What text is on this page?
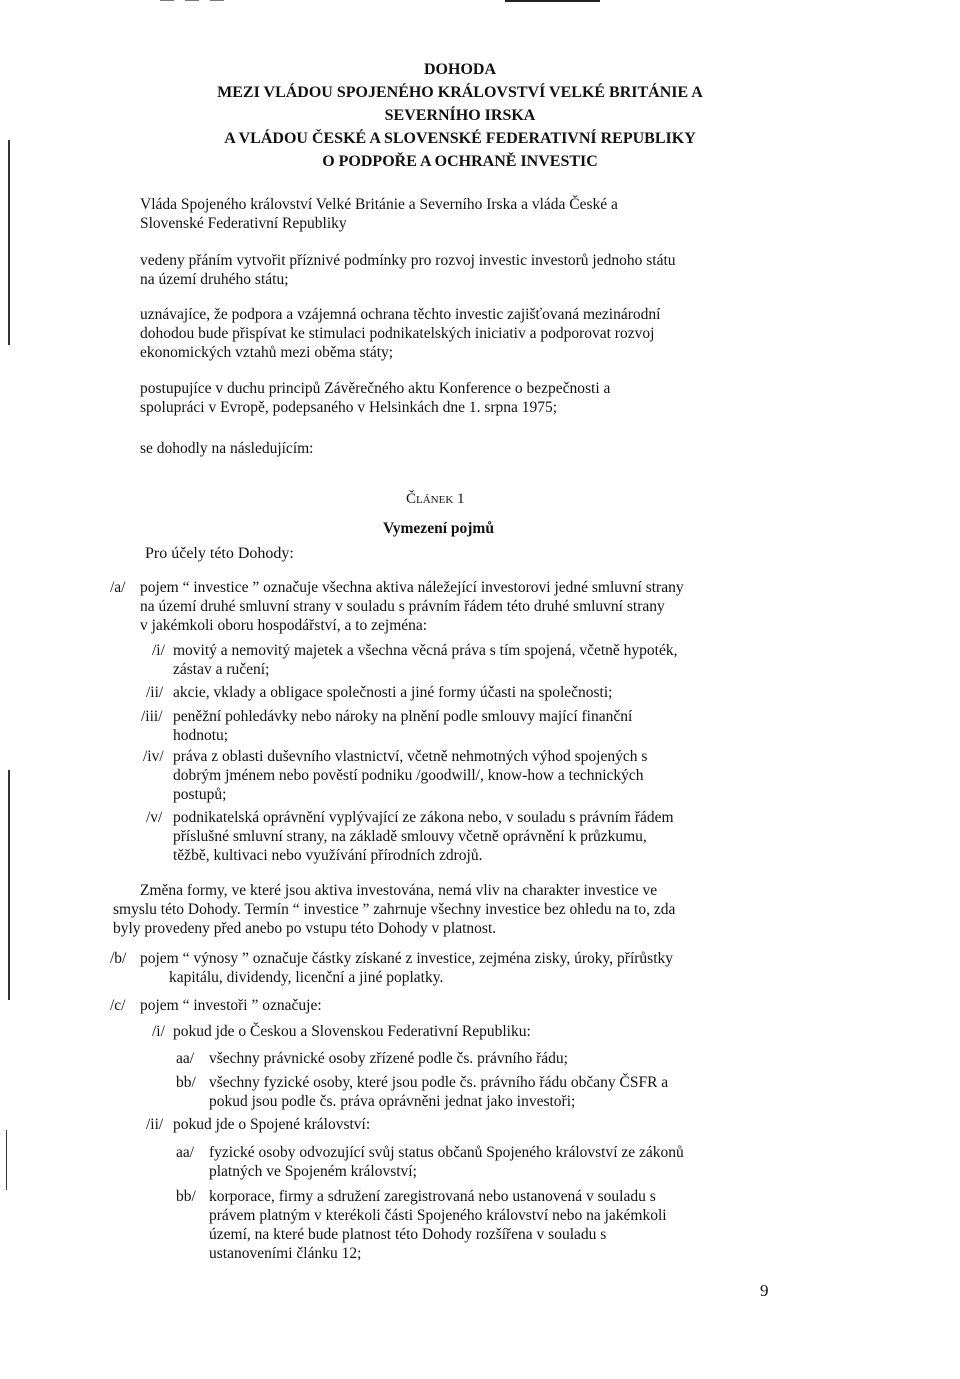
DOHODA
MEZI VLÁDOU SPOJENÉHO KRÁLOVSTVÍ VELKÉ BRITÁNIE A
SEVERNÍHO IRSKA
A VLÁDOU ČESKÉ A SLOVENSKÉ FEDERATIVNÍ REPUBLIKY
O PODPOŘE A OCHRANĚ INVESTIC
Vláda Spojeného království Velké Británie a Severního Irska a vláda České a
Slovenské Federativní Republiky
vedeny přáním vytvořit příznivé podmínky pro rozvoj investic investorů jednoho státu
na území druhého státu;
uznávajíce, že podpora a vzájemná ochrana těchto investic zajišťovaná mezinárodní
dohodou bude přispívat ke stimulaci podnikatelských iniciativ a podporovat rozvoj
ekonomických vztahů mezi oběma státy;
postupujíce v duchu principů Závěrečného aktu Konference o bezpečnosti a
spolupráci v Evropě, podepsaného v Helsinkách dne 1. srpna 1975;
se dohodly na následujícím:
Článek 1
Vymezení pojmů
Pro účely této Dohody:
/a/ pojem “ investice ” označuje všechna aktiva náležející investorovi jedné smluvní strany
na území druhé smluvní strany v souladu s právním řádem této druhé smluvní strany
v jakémkoli oboru hospodářství, a to zejména:
/i/ movitý a nemovitý majetek a všechna věcná práva s tím spojená, včetně hypoték,
zástav a ručení;
/ii/ akcie, vklady a obligace společnosti a jiné formy účasti na společnosti;
/iii/ peněžní pohledávky nebo nároky na plnění podle smlouvy mající finanční
hodnotu;
/iv/ práva z oblasti duševního vlastnictví, včetně nehmotných výhod spojených s
dobrým jménem nebo pověstí podniku /goodwill/, know-how a technických
postupů;
/v/ podnikatelská oprávnění vyplývající ze zákona nebo, v souladu s právním řádem
příslušné smluvní strany, na základě smlouvy včetně oprávnění k průzkumu,
těžbě, kultivaci nebo využívání přírodních zdrojů.
Změna formy, ve které jsou aktiva investována, nemá vliv na charakter investice ve
smyslu této Dohody. Termín “ investice ” zahrnuje všechny investice bez ohledu na to, zda
byly provedeny před anebo po vstupu této Dohody v platnost.
/b/ pojem “ výnosy ” označuje částky získané z investice, zejména zisky, úroky, přírůstky
kapitálu, dividendy, licenční a jiné poplatky.
/c/ pojem “ investoři ” označuje:
/i/ pokud jde o Českou a Slovenskou Federativní Republiku:
aa/ všechny právnické osoby zřízené podle čs. právního řádu;
bb/ všechny fyzické osoby, které jsou podle čs. právního řádu občany ČSFR a
pokud jsou podle čs. práva oprávněni jednat jako investoři;
/ii/ pokud jde o Spojené království:
aa/ fyzické osoby odvozující svůj status občanů Spojeného království ze zákonů
platných ve Spojeném království;
bb/ korporace, firmy a sdružení zaregistrovaná nebo ustanovená v souladu s
právem platným v kterékoli části Spojeného království nebo na jakémkoli
území, na které bude platnost této Dohody rozšířena v souladu s
ustanoveními článku 12;
9
